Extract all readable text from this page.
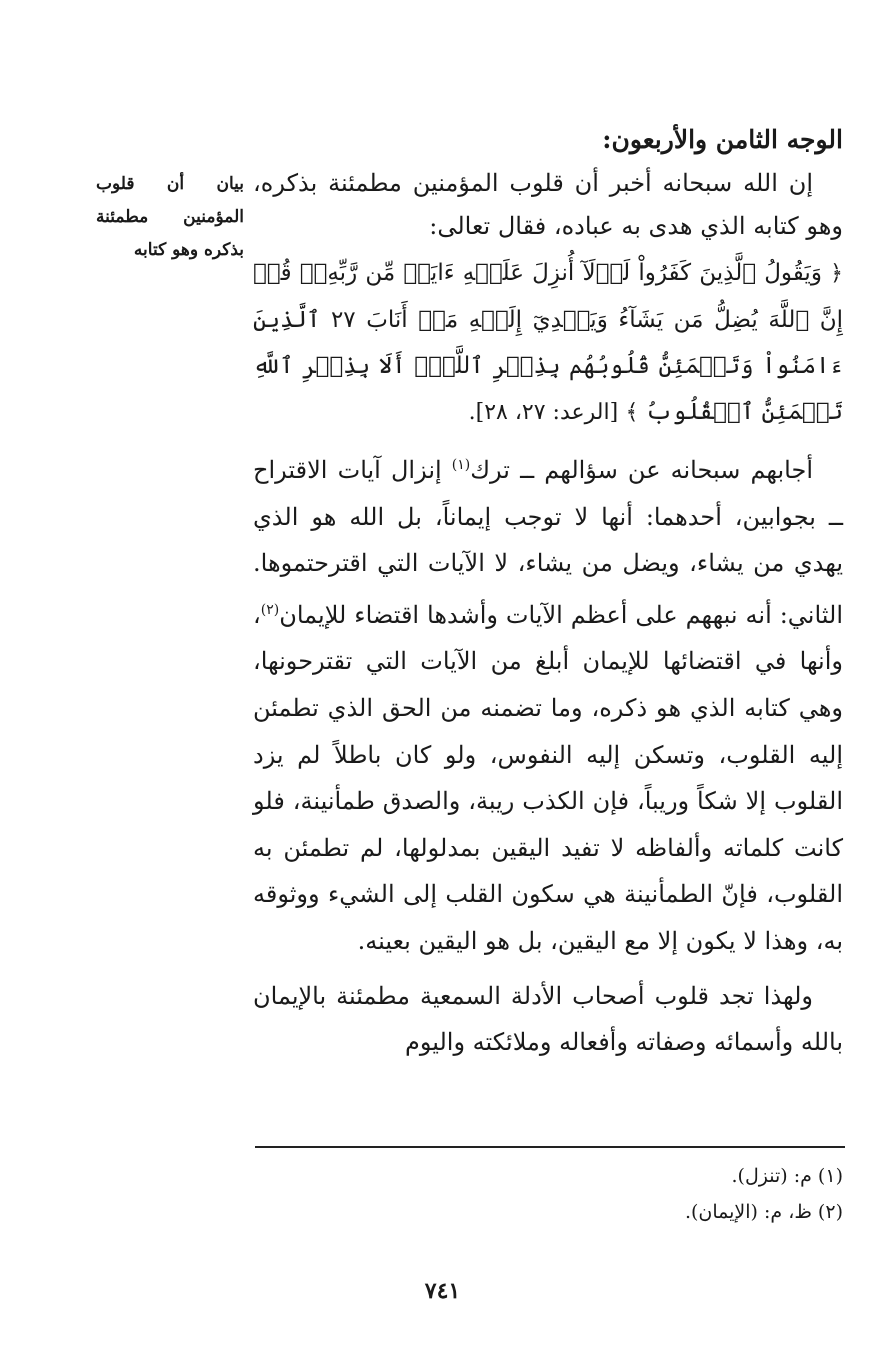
بيان أن قلوب المؤمنين مطمئنة بذكره وهو كتابه

الوجه الثامن والأربعون:

إن الله سبحانه أخبر أن قلوب المؤمنين مطمئنة بذكره، وهو كتابه الذي هدى به عباده، فقال تعالى:

﴿ وَيَقُولُ ٱلَّذِينَ كَفَرُواْ لَوۡلَآ أُنزِلَ عَلَيۡهِ ءَايَةٞ مِّن رَّبِّهِۦۚ قُلۡ إِنَّ ٱللَّهَ يُضِلُّ مَن يَشَآءُ وَيَهۡدِيٓ إِلَيۡهِ مَنۡ أَنَابَ ٢٧ ٱلَّذِينَ ءَامَنُواْ وَتَطۡمَئِنُّ قُلُوبُهُم بِذِكۡرِ ٱللَّهِۗ أَلَا بِذِكۡرِ ٱللَّهِ تَطۡمَئِنُّ ٱلۡقُلُوبُ ﴾ [الرعد: ٢٧، ٢٨].

أجابهم سبحانه عن سؤالهم ــ ترك$^{(١)}$ إنزال آيات الاقتراح ــ بجوابين، أحدهما: أنها لا توجب إيماناً، بل الله هو الذي يهدي من يشاء، ويضل من يشاء، لا الآيات التي اقترحتموها. الثاني: أنه نبههم على أعظم الآيات وأشدها اقتضاء للإيمان$^{(٢)}$، وأنها في اقتضائها للإيمان أبلغ من الآيات التي تقترحونها، وهي كتابه الذي هو ذكره، وما تضمنه من الحق الذي تطمئن إليه القلوب، وتسكن إليه النفوس، ولو كان باطلاً لم يزد القلوب إلا شكاً وريباً، فإن الكذب ريبة، والصدق طمأنينة، فلو كانت كلماته وألفاظه لا تفيد اليقين بمدلولها، لم تطمئن به القلوب، فإنّ الطمأنينة هي سكون القلب إلى الشيء ووثوقه به، وهذا لا يكون إلا مع اليقين، بل هو اليقين بعينه.

ولهذا تجد قلوب أصحاب الأدلة السمعية مطمئنة بالإيمان بالله وأسمائه وصفاته وأفعاله وملائكته واليوم

(١) م: (تنزل).

(٢) ظ، م: (الإيمان).

٧٤١
